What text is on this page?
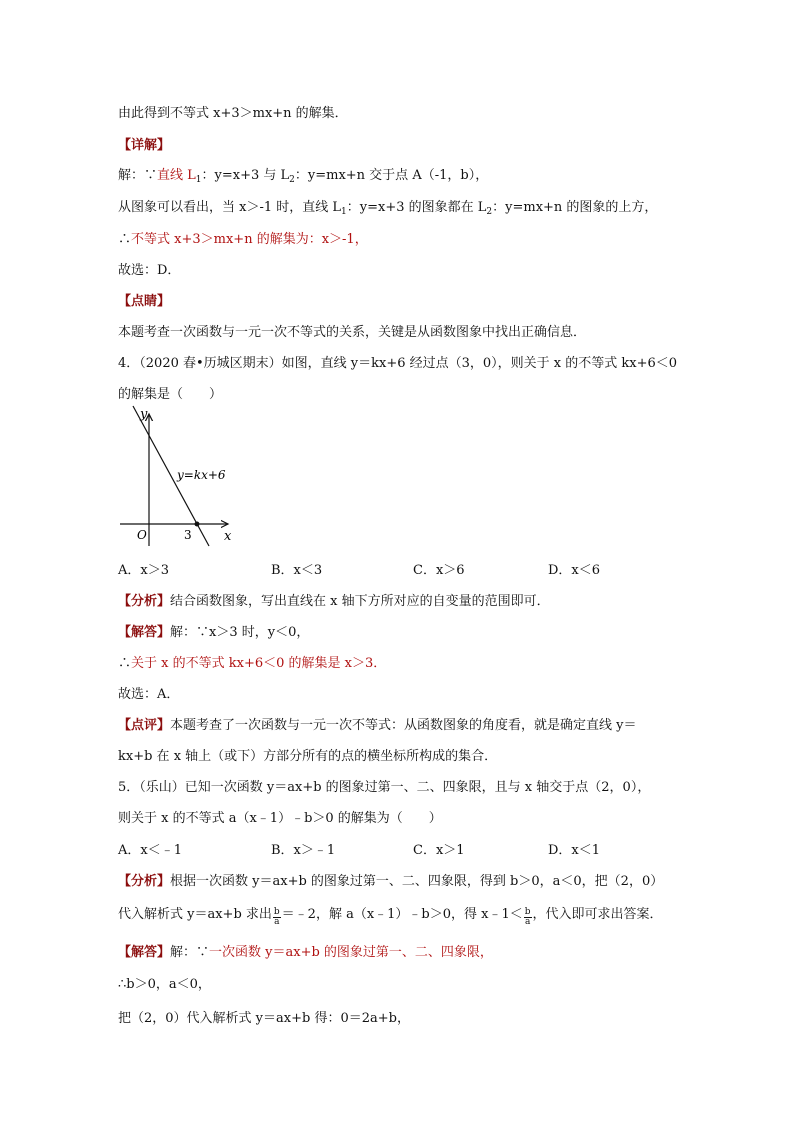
由此得到不等式 x+3＞mx+n 的解集．
【详解】
解：∵直线 $L_1$：y=x+3 与 $L_2$：y=mx+n 交于点 A（-1，b），
从图象可以看出，当 x＞-1 时，直线 $L_1$：y=x+3 的图象都在 $L_2$：y=mx+n 的图象的上方，
∴不等式 x+3＞mx+n 的解集为：x＞-1，
故选：D．
【点睛】
本题考查一次函数与一元一次不等式的关系，关键是从函数图象中找出正确信息．
4．（2020 春•历城区期末）如图，直线 y＝kx+6 经过点（3，0），则关于 x 的不等式 kx+6＜0
的解集是（　　）
y
x
O	3
y=kx+6
A．x＞3	B．x＜3	C．x＞6	D．x＜6
【分析】结合函数图象，写出直线在 x 轴下方所对应的自变量的范围即可．
【解答】解：∵x＞3 时，y＜0，
∴关于 x 的不等式 kx+6＜0 的解集是 x＞3．
故选：A．
【点评】本题考查了一次函数与一元一次不等式：从函数图象的角度看，就是确定直线 y＝
kx+b 在 x 轴上（或下）方部分所有的点的横坐标所构成的集合．
5．（乐山）已知一次函数 y＝ax+b 的图象过第一、二、四象限，且与 x 轴交于点（2，0），
则关于 x 的不等式 a（x﹣1）﹣b＞0 的解集为（　　）
A．x＜﹣1	B．x＞﹣1	C．x＞1	D．x＜1
【分析】根据一次函数 y＝ax+b 的图象过第一、二、四象限，得到 b＞0，a＜0，把（2，0）
代入解析式 y＝ax+b 求出 $\frac{b}{a}$ ＝﹣2，解 a（x﹣1）﹣b＞0，得 x﹣1＜ $\frac{b}{a}$ ，代入即可求出答案．
【解答】解：∵一次函数 y＝ax+b 的图象过第一、二、四象限，
∴b＞0，a＜0，
把（2，0）代入解析式 y＝ax+b 得：0＝2a+b，
